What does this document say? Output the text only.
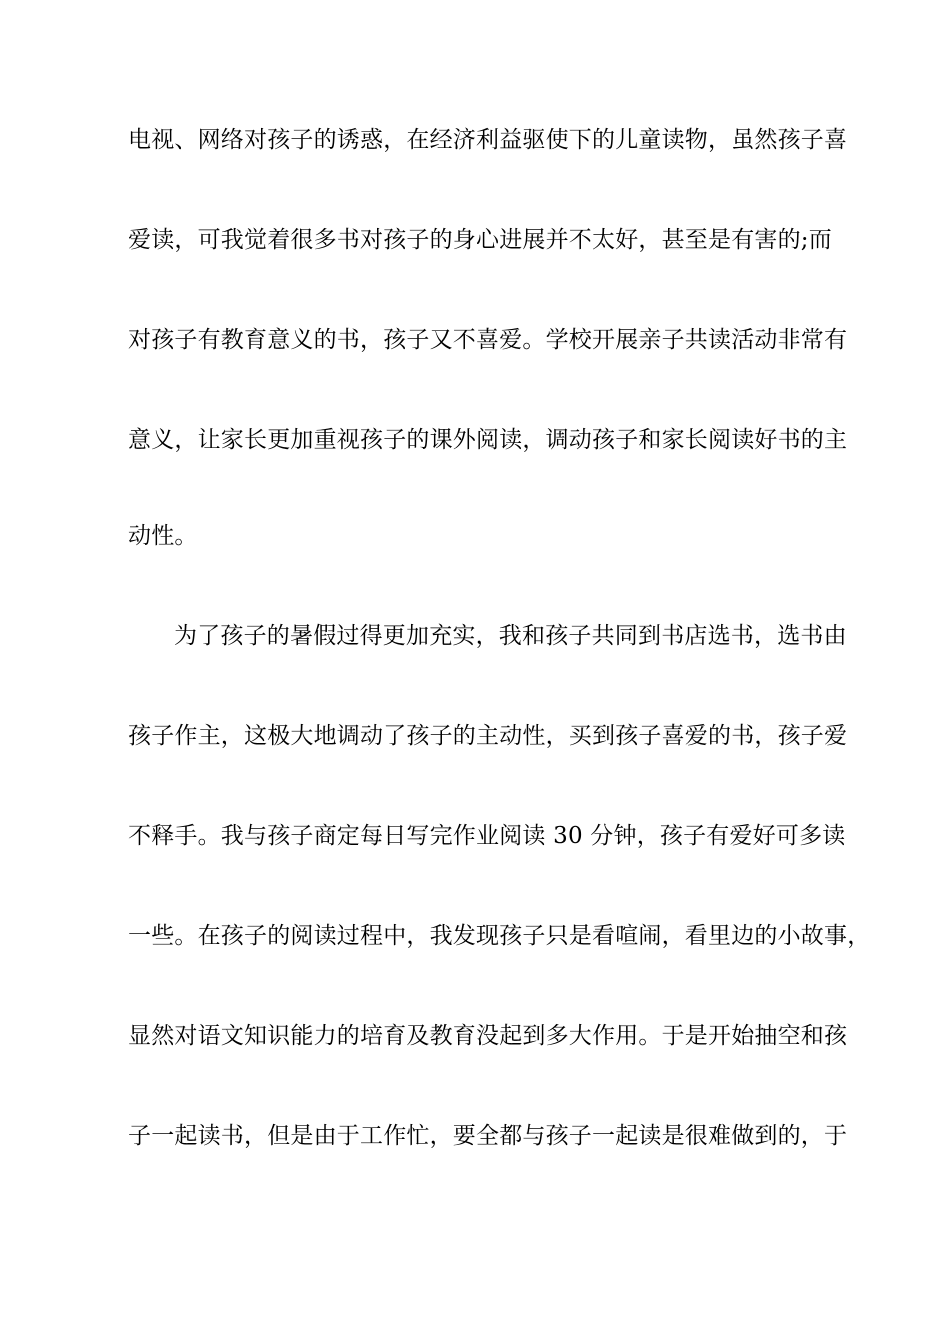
电视、网络对孩子的诱惑，在经济利益驱使下的儿童读物，虽然孩子喜
爱读，可我觉着很多书对孩子的身心进展并不太好，甚至是有害的;而
对孩子有教育意义的书，孩子又不喜爱。学校开展亲子共读活动非常有
意义，让家长更加重视孩子的课外阅读，调动孩子和家长阅读好书的主
动性。
为了孩子的暑假过得更加充实，我和孩子共同到书店选书，选书由
孩子作主，这极大地调动了孩子的主动性，买到孩子喜爱的书，孩子爱
不释手。我与孩子商定每日写完作业阅读 30 分钟，孩子有爱好可多读
一些。在孩子的阅读过程中，我发现孩子只是看喧闹，看里边的小故事，
显然对语文知识能力的培育及教育没起到多大作用。于是开始抽空和孩
子一起读书，但是由于工作忙，要全都与孩子一起读是很难做到的，于
